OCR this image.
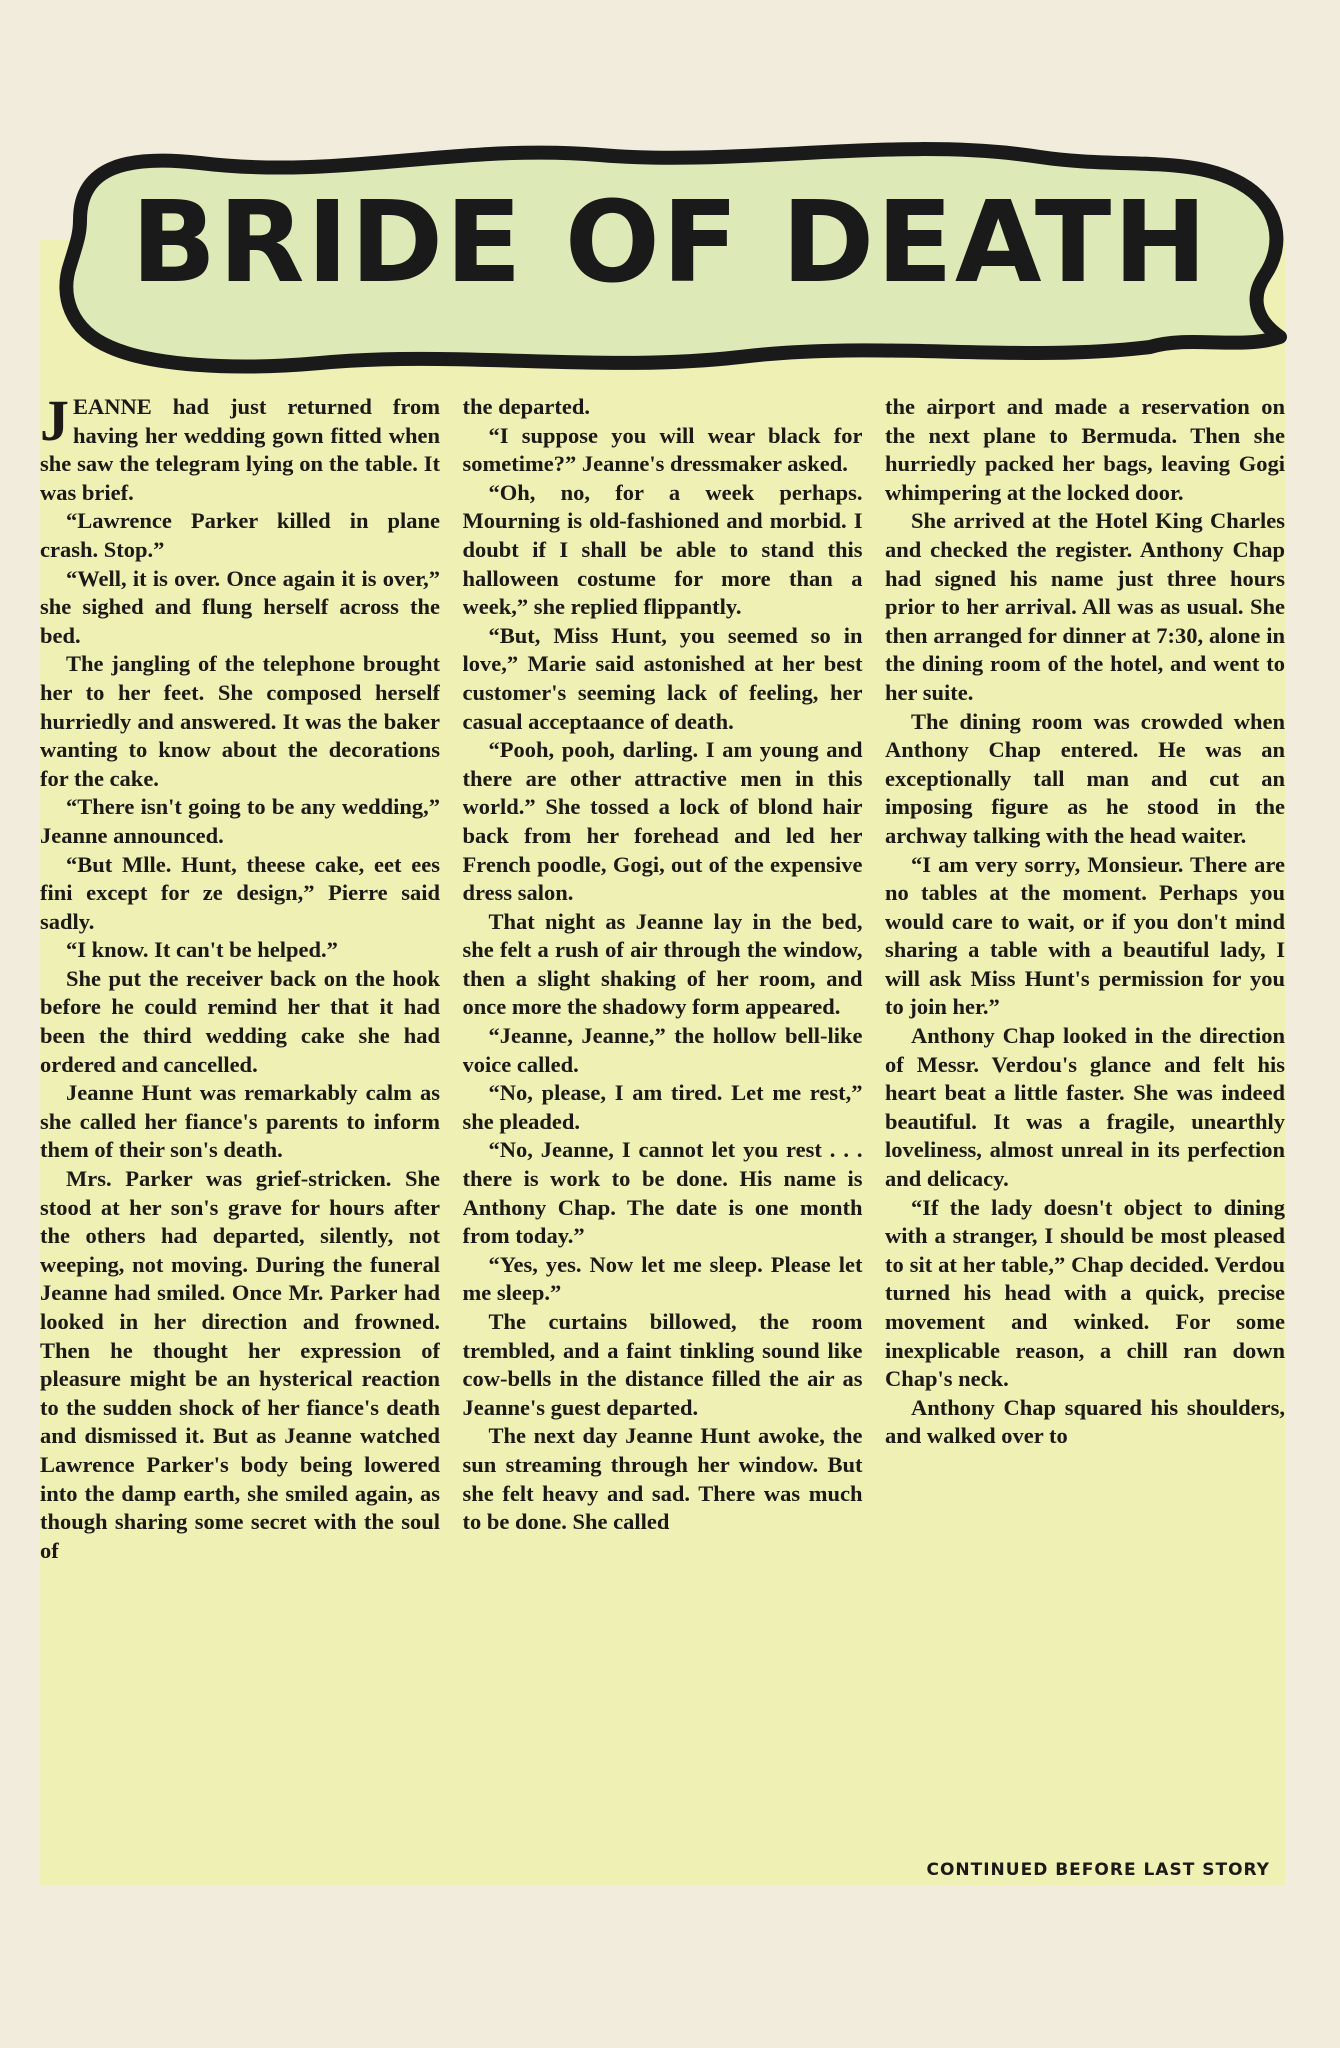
BRIDE OF DEATH

JEANNE had just returned from having her wedding gown fitted when she saw the telegram lying on the table. It was brief.

“Lawrence Parker killed in plane crash. Stop.”

“Well, it is over. Once again it is over,” she sighed and flung herself across the bed.

The jangling of the telephone brought her to her feet. She composed herself hurriedly and answered. It was the baker wanting to know about the decorations for the cake.

“There isn't going to be any wedding,” Jeanne announced.

“But Mlle. Hunt, theese cake, eet ees fini except for ze design,” Pierre said sadly.

“I know. It can't be helped.”

She put the receiver back on the hook before he could remind her that it had been the third wedding cake she had ordered and cancelled.

Jeanne Hunt was remarkably calm as she called her fiance's parents to inform them of their son's death.

Mrs. Parker was grief-stricken. She stood at her son's grave for hours after the others had departed, silently, not weeping, not moving. During the funeral Jeanne had smiled. Once Mr. Parker had looked in her direction and frowned. Then he thought her expression of pleasure might be an hysterical reaction to the sudden shock of her fiance's death and dismissed it. But as Jeanne watched Lawrence Parker's body being lowered into the damp earth, she smiled again, as though sharing some secret with the soul of

the departed.

“I suppose you will wear black for sometime?” Jeanne's dressmaker asked.

“Oh, no, for a week perhaps. Mourning is old-fashioned and morbid. I doubt if I shall be able to stand this halloween costume for more than a week,” she replied flippantly.

“But, Miss Hunt, you seemed so in love,” Marie said astonished at her best customer's seeming lack of feeling, her casual acceptaance of death.

“Pooh, pooh, darling. I am young and there are other attractive men in this world.” She tossed a lock of blond hair back from her forehead and led her French poodle, Gogi, out of the expensive dress salon.

That night as Jeanne lay in the bed, she felt a rush of air through the window, then a slight shaking of her room, and once more the shadowy form appeared.

“Jeanne, Jeanne,” the hollow bell-like voice called.

“No, please, I am tired. Let me rest,” she pleaded.

“No, Jeanne, I cannot let you rest . . . there is work to be done. His name is Anthony Chap. The date is one month from today.”

“Yes, yes. Now let me sleep. Please let me sleep.”

The curtains billowed, the room trembled, and a faint tinkling sound like cow-bells in the distance filled the air as Jeanne's guest departed.

The next day Jeanne Hunt awoke, the sun streaming through her window. But she felt heavy and sad. There was much to be done. She called

the airport and made a reservation on the next plane to Bermuda. Then she hurriedly packed her bags, leaving Gogi whimpering at the locked door.

She arrived at the Hotel King Charles and checked the register. Anthony Chap had signed his name just three hours prior to her arrival. All was as usual. She then arranged for dinner at 7:30, alone in the dining room of the hotel, and went to her suite.

The dining room was crowded when Anthony Chap entered. He was an exceptionally tall man and cut an imposing figure as he stood in the archway talking with the head waiter.

“I am very sorry, Monsieur. There are no tables at the moment. Perhaps you would care to wait, or if you don't mind sharing a table with a beautiful lady, I will ask Miss Hunt's permission for you to join her.”

Anthony Chap looked in the direction of Messr. Verdou's glance and felt his heart beat a little faster. She was indeed beautiful. It was a fragile, unearthly loveliness, almost unreal in its perfection and delicacy.

“If the lady doesn't object to dining with a stranger, I should be most pleased to sit at her table,” Chap decided. Verdou turned his head with a quick, precise movement and winked. For some inexplicable reason, a chill ran down Chap's neck.

Anthony Chap squared his shoulders, and walked over to

CONTINUED BEFORE LAST STORY
